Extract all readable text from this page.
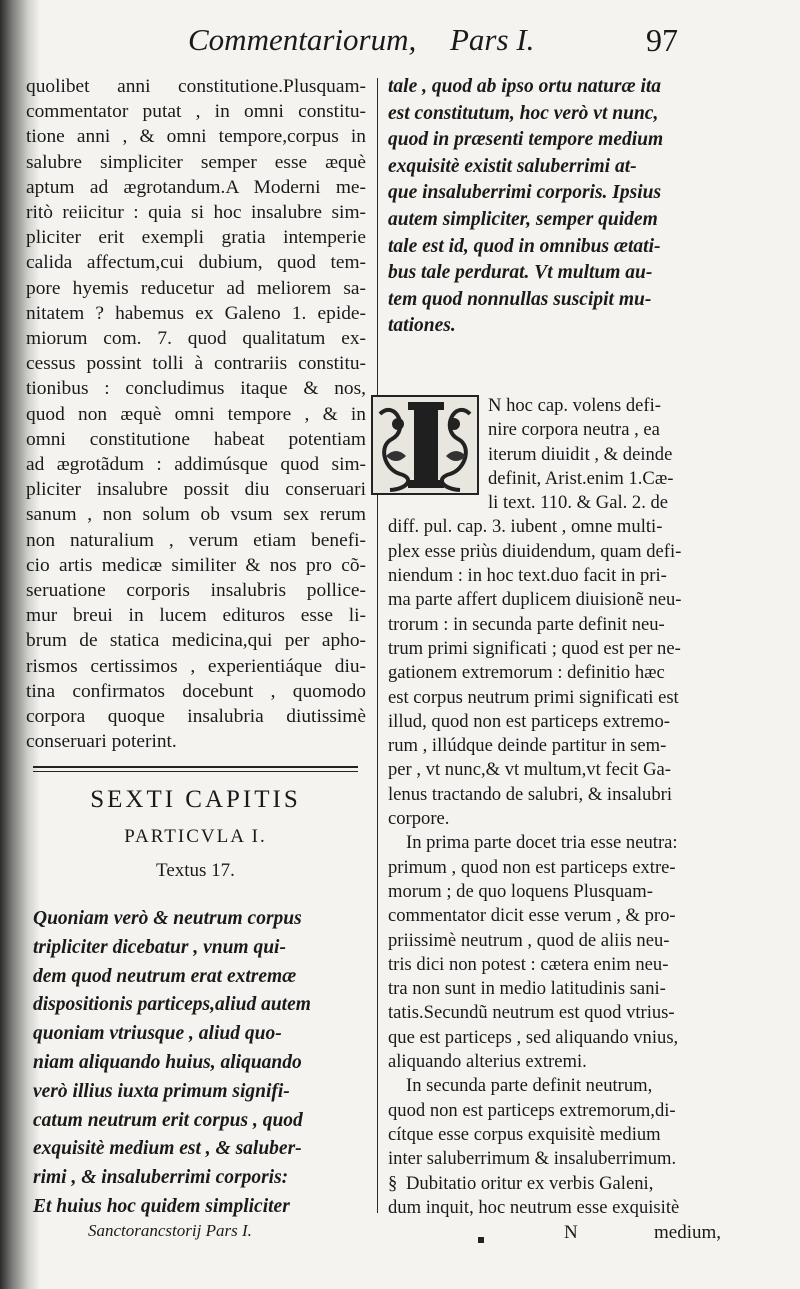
Commentariorum, Pars I.	97

quolibet anni constitutione.Plusquam-

commentator putat , in omni constitu-

tione anni , & omni tempore,corpus in

salubre simpliciter semper esse æquè

aptum ad ægrotandum.A Moderni me-

ritò reiicitur : quia si hoc insalubre sim-

pliciter erit exempli gratia intemperie

calida affectum,cui dubium, quod tem-

pore hyemis reducetur ad meliorem sa-

nitatem ? habemus ex Galeno 1. epide-

miorum com. 7. quod qualitatum ex-

cessus possint tolli à contrariis constitu-

tionibus : concludimus itaque & nos,

quod non æquè omni tempore , & in

omni constitutione habeat potentiam

ad ægrotãdum : addimúsque quod sim-

pliciter insalubre possit diu conseruari

sanum , non solum ob vsum sex rerum

non naturalium , verum etiam benefi-

cio artis medicæ similiter & nos pro cõ-

seruatione corporis insalubris pollice-

mur breui in lucem edituros esse li-

brum de statica medicina,qui per apho-

rismos certissimos , experientiáque diu-

tina confirmatos docebunt , quomodo

corpora quoque insalubria diutissimè

conseruari poterint.

SEXTI CAPITIS
PARTICVLA I.
Textus 17.
Quoniam verò & neutrum corpus
tripliciter dicebatur , vnum qui-
dem quod neutrum erat extremæ
dispositionis particeps,aliud autem
quoniam vtriusque , aliud quo-
niam aliquando huius, aliquando
verò illius iuxta primum signifi-
catum neutrum erit corpus , quod
exquisitè medium est , & saluber-
rimi , & insaluberrimi corporis:
Et huius hoc quidem simpliciter
Sanctorancstorij Pars I.
tale , quod ab ipso ortu naturæ ita
est constitutum, hoc verò vt nunc,
quod in præsenti tempore medium
exquisitè existit saluberrimi at-
que insaluberrimi corporis. Ipsius
autem simpliciter, semper quidem
tale est id, quod in omnibus ætati-
bus tale perdurat. Vt multum au-
tem quod nonnullas suscipit mu-
tationes.

N hoc cap. volens defi-

nire corpora neutra , ea

iterum diuidit , & deinde

definit, Arist.enim 1.Cæ-

li text. 110. & Gal. 2. de

diff. pul. cap. 3. iubent , omne multi-

plex esse priùs diuidendum, quam defi-

niendum : in hoc text.duo facit in pri-

ma parte affert duplicem diuisionẽ neu-

trorum : in secunda parte definit neu-

trum primi significati ; quod est per ne-

gationem extremorum : definitio hæc

est corpus neutrum primi significati est

illud, quod non est particeps extremo-

rum , illúdque deinde partitur in sem-

per , vt nunc,& vt multum,vt fecit Ga-

lenus tractando de salubri, & insalubri

corpore.

In prima parte docet tria esse neutra:

primum , quod non est particeps extre-

morum ; de quo loquens Plusquam-

commentator dicit esse verum , & pro-

priissimè neutrum , quod de aliis neu-

tris dici non potest : cætera enim neu-

tra non sunt in medio latitudinis sani-

tatis.Secundũ neutrum est quod vtrius-

que est particeps , sed aliquando vnius,

aliquando alterius extremi.

In secunda parte definit neutrum,

quod non est particeps extremorum,di-

cítque esse corpus exquisitè medium

inter saluberrimum & insaluberrimum.

§ Dubitatio oritur ex verbis Galeni,

dum inquit, hoc neutrum esse exquisitè

N	medium,
